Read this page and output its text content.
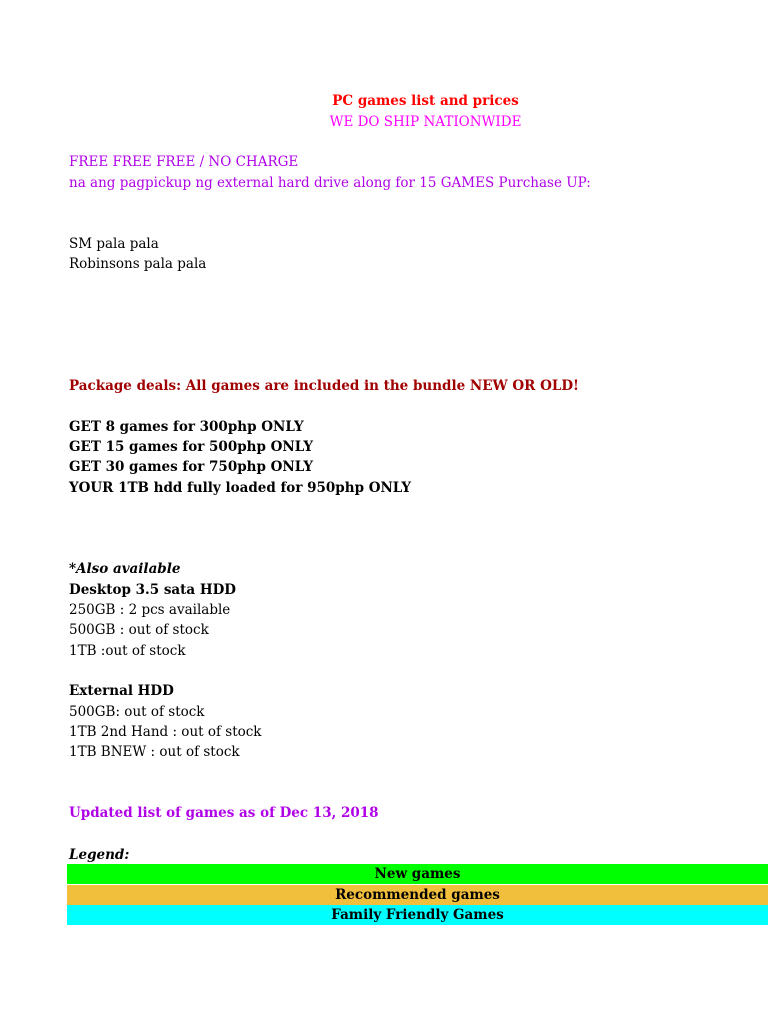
PC games list and prices
WE DO SHIP NATIONWIDE
FREE FREE FREE / NO CHARGE
na ang pagpickup ng external hard drive along for 15 GAMES Purchase UP:
SM pala pala
Robinsons pala pala
Package deals: All games are included in the bundle NEW OR OLD!
GET 8 games for 300php ONLY
GET 15 games for 500php ONLY
GET 30 games for 750php ONLY
YOUR 1TB hdd fully loaded for 950php ONLY
*Also available
Desktop 3.5 sata HDD
250GB : 2 pcs available
500GB : out of stock
1TB :out of stock
External HDD
500GB: out of stock
1TB 2nd Hand : out of stock
1TB BNEW : out of stock
Updated list of games as of Dec 13, 2018
Legend:
New games
Recommended games
Family Friendly Games
